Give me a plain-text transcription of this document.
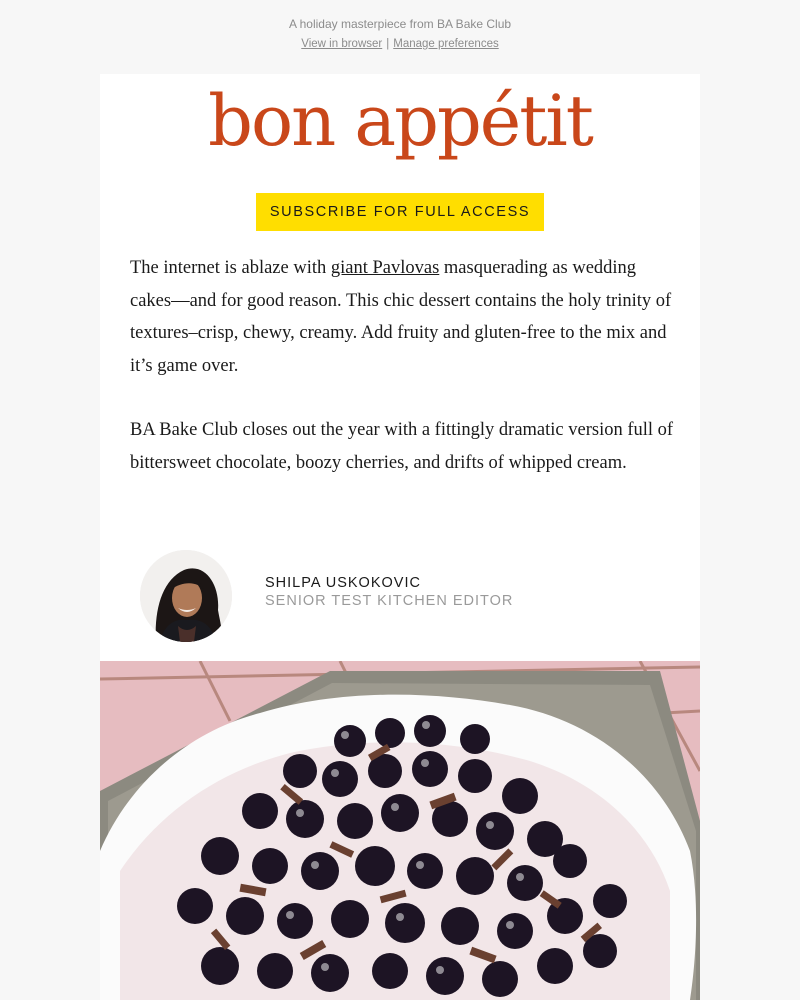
A holiday masterpiece from BA Bake Club
View in browser | Manage preferences
bon appétit
SUBSCRIBE FOR FULL ACCESS

The internet is ablaze with giant Pavlovas masquerading as wedding cakes—and for good reason. This chic dessert contains the holy trinity of textures–crisp, chewy, creamy. Add fruity and gluten-free to the mix and it’s game over.

BA Bake Club closes out the year with a fittingly dramatic version full of bittersweet chocolate, boozy cherries, and drifts of whipped cream.

SHILPA USKOKOVIC
SENIOR TEST KITCHEN EDITOR
